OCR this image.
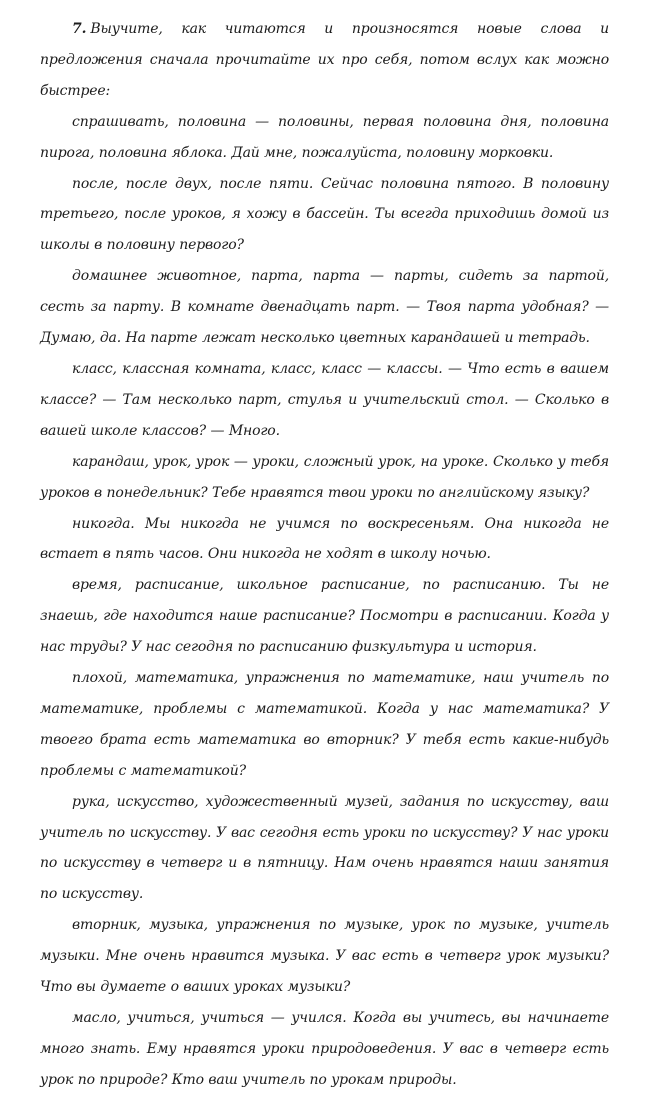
7. Выучите, как читаются и произносятся новые слова и предложения сначала прочитайте их про себя, потом вслух как можно быстрее:

спрашивать, половина — половины, первая половина дня, половина пирога, половина яблока. Дай мне, пожалуйста, половину морковки.

после, после двух, после пяти. Сейчас половина пятого. В половину третьего, после уроков, я хожу в бассейн. Ты всегда приходишь домой из школы в половину первого?

домашнее животное, парта, парта — парты, сидеть за партой, сесть за парту. В комнате двенадцать парт. — Твоя парта удобная? — Думаю, да. На парте лежат несколько цветных карандашей и тетрадь.

класс, классная комната, класс, класс — классы. — Что есть в вашем классе? — Там несколько парт, стулья и учительский стол. — Сколько в вашей школе классов? — Много.

карандаш, урок, урок — уроки, сложный урок, на уроке. Сколько у тебя уроков в понедельник? Тебе нравятся твои уроки по английскому языку?

никогда. Мы никогда не учимся по воскресеньям. Она никогда не встает в пять часов. Они никогда не ходят в школу ночью.

время, расписание, школьное расписание, по расписанию. Ты не знаешь, где находится наше расписание? Посмотри в расписании. Когда у нас труды? У нас сегодня по расписанию физкультура и история.

плохой, математика, упражнения по математике, наш учитель по математике, проблемы с математикой. Когда у нас математика? У твоего брата есть математика во вторник? У тебя есть какие-нибудь проблемы с математикой?

рука, искусство, художественный музей, задания по искусству, ваш учитель по искусству. У вас сегодня есть уроки по искусству? У нас уроки по искусству в четверг и в пятницу. Нам очень нравятся наши занятия по искусству.

вторник, музыка, упражнения по музыке, урок по музыке, учитель музыки. Мне очень нравится музыка. У вас есть в четверг урок музыки? Что вы думаете о ваших уроках музыки?

масло, учиться, учиться — учился. Когда вы учитесь, вы начинаете много знать. Ему нравятся уроки природоведения. У вас в четверг есть урок по природе? Кто ваш учитель по урокам природы.
